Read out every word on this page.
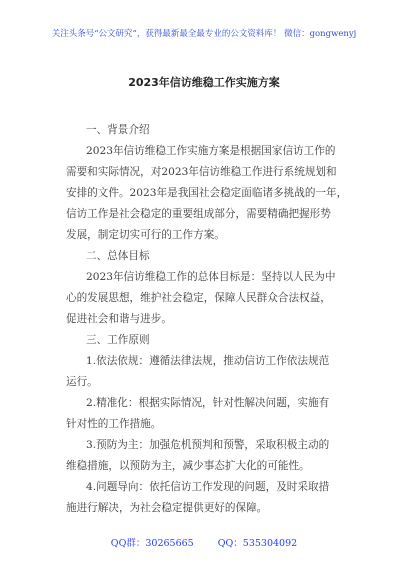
关注头条号“公文研究”，获得最新最全最专业的公文资料库！ 微信：gongwenyj
2023年信访维稳工作实施方案
一、背景介绍
2023年信访维稳工作实施方案是根据国家信访工作的
需要和实际情况，对2023年信访维稳工作进行系统规划和
安排的文件。2023年是我国社会稳定面临诸多挑战的一年，
信访工作是社会稳定的重要组成部分，需要精确把握形势
发展，制定切实可行的工作方案。
二、总体目标
2023年信访维稳工作的总体目标是：坚持以人民为中
心的发展思想，维护社会稳定，保障人民群众合法权益，
促进社会和谐与进步。
三、工作原则
1.依法依规：遵循法律法规，推动信访工作依法规范
运行。
2.精准化：根据实际情况，针对性解决问题，实施有
针对性的工作措施。
3.预防为主：加强危机预判和预警，采取积极主动的
维稳措施，以预防为主，减少事态扩大化的可能性。
4.问题导向：依托信访工作发现的问题，及时采取措
施进行解决，为社会稳定提供更好的保障。
QQ群：30265665	QQ：535304092
